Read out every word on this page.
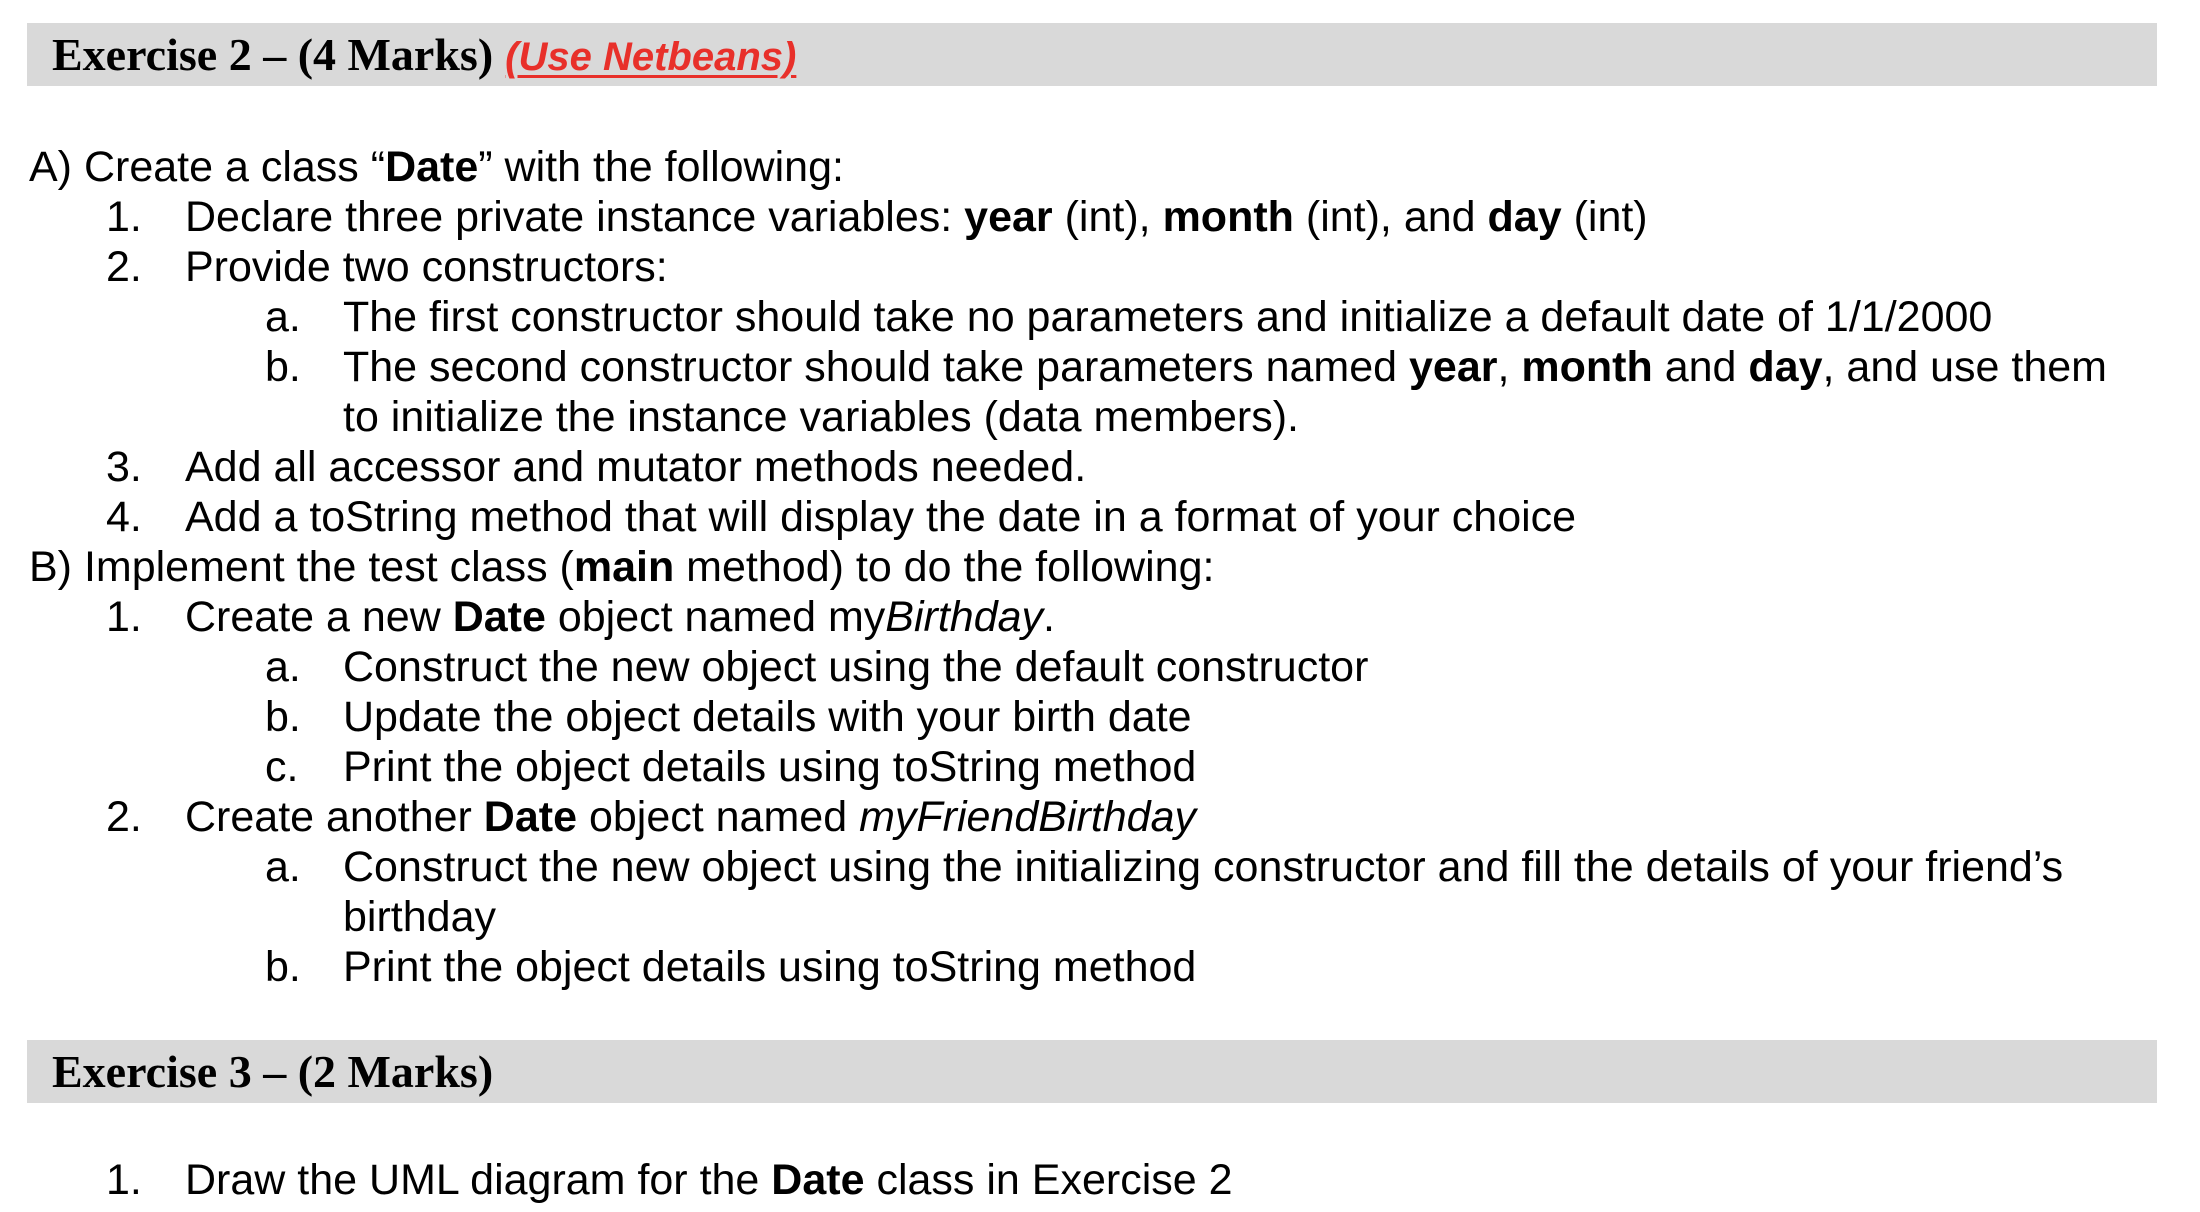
Exercise 2 – (4 Marks) (Use Netbeans)
A) Create a class “Date” with the following:
1. Declare three private instance variables: year (int), month (int), and day (int)
2. Provide two constructors:
a. The first constructor should take no parameters and initialize a default date of 1/1/2000
b. The second constructor should take parameters named year, month and day, and use them
to initialize the instance variables (data members).
3. Add all accessor and mutator methods needed.
4. Add a toString method that will display the date in a format of your choice
B) Implement the test class (main method) to do the following:
1. Create a new Date object named myBirthday.
a. Construct the new object using the default constructor
b. Update the object details with your birth date
c. Print the object details using toString method
2. Create another Date object named myFriendBirthday
a. Construct the new object using the initializing constructor and fill the details of your friend’s
birthday
b. Print the object details using toString method
Exercise 3 – (2 Marks)
1. Draw the UML diagram for the Date class in Exercise 2
